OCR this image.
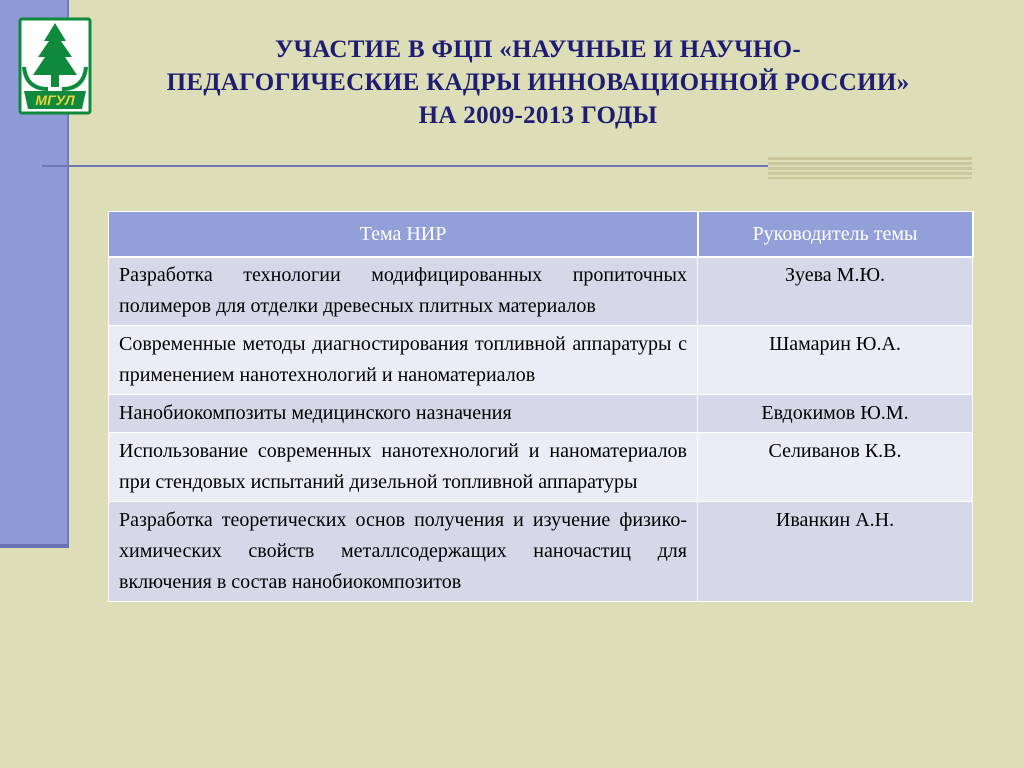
МГУЛ
УЧАСТИЕ В ФЦП «НАУЧНЫЕ И НАУЧНО-
ПЕДАГОГИЧЕСКИЕ КАДРЫ ИННОВАЦИОННОЙ РОССИИ»
НА 2009-2013 ГОДЫ
Тема НИР	Руководитель темы
Разработка технологии модифицированных пропиточных полимеров для отделки древесных плитных материалов	Зуева М.Ю.
Современные методы диагностирования топливной аппаратуры с применением нанотехнологий и наноматериалов	Шамарин Ю.А.
Нанобиокомпозиты медицинского назначения	Евдокимов Ю.М.
Использование современных нанотехнологий и наноматериалов при стендовых испытаний дизельной топливной аппаратуры	Селиванов К.В.
Разработка теоретических основ получения и изучение физико-химических свойств металлсодержащих наночастиц для включения в состав нанобиокомпозитов	Иванкин А.Н.
